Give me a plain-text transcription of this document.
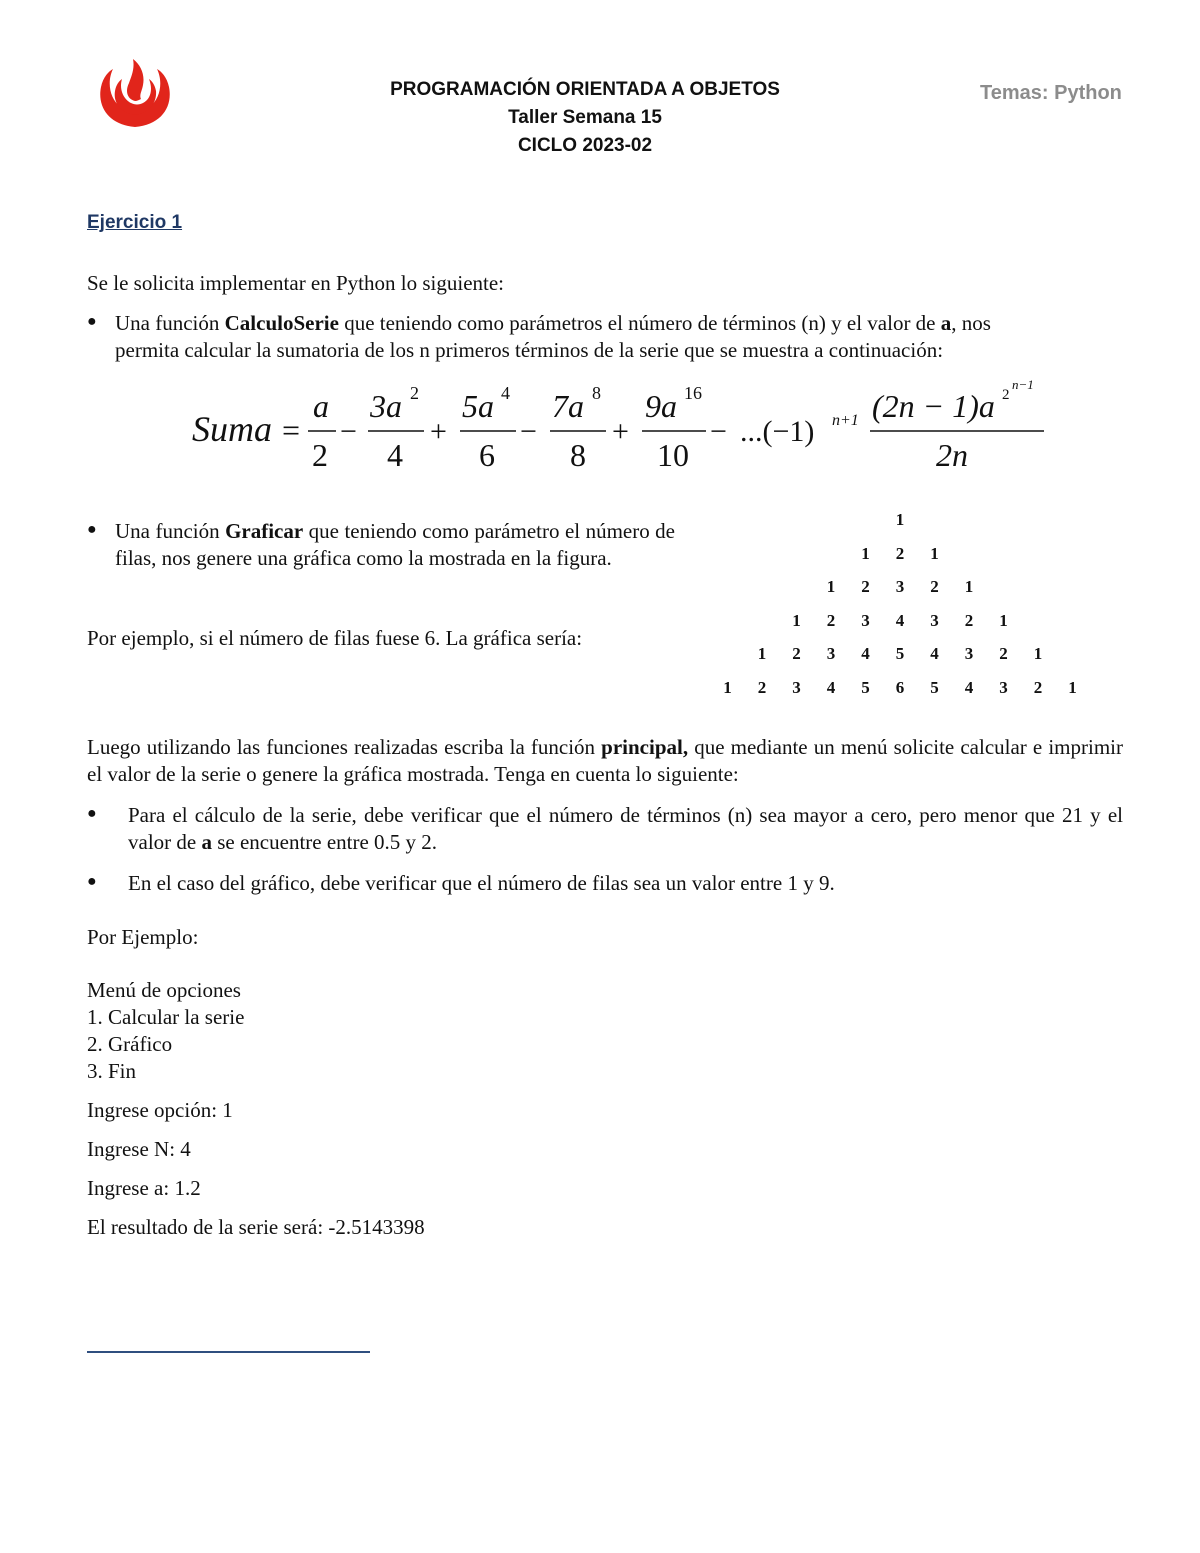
PROGRAMACIÓN ORIENTADA A OBJETOS
Taller Semana 15
CICLO 2023-02
Temas: Python
Ejercicio 1
Se le solicita implementar en Python lo siguiente:
● Una función CalculoSerie que teniendo como parámetros el número de términos (n) y el valor de a, nos
permita calcular la sumatoria de los n primeros términos de la serie que se muestra a continuación:
Suma =
a
2
−
3a 2
4
+
5a 4
6
−
7a 8
8
+
9a 16
10
− ...(−1) n+1 (2n − 1)a 2
n−1
2n
● Una función Graficar que teniendo como parámetro el número de filas, nos genere una gráfica como la mostrada en la figura.
Por ejemplo, si el número de filas fuese 6. La gráfica sería:
1
1	2	1
1	2	3	2	1
1	2	3	4	3	2	1
1	2	3	4	5	4	3	2	1
1	2	3	4	5	6	5	4	3	2	1
Luego utilizando las funciones realizadas escriba la función principal, que mediante un menú solicite calcular e imprimir el valor de la serie o genere la gráfica mostrada. Tenga en cuenta lo siguiente:
●	Para el cálculo de la serie, debe verificar que el número de términos (n) sea mayor a cero, pero menor que 21 y el valor de a se encuentre entre 0.5 y 2.
●	En el caso del gráfico, debe verificar que el número de filas sea un valor entre 1 y 9.
Por Ejemplo:
Menú de opciones
1. Calcular la serie
2. Gráfico
3. Fin
Ingrese opción: 1
Ingrese N: 4
Ingrese a: 1.2
El resultado de la serie será: -2.5143398
